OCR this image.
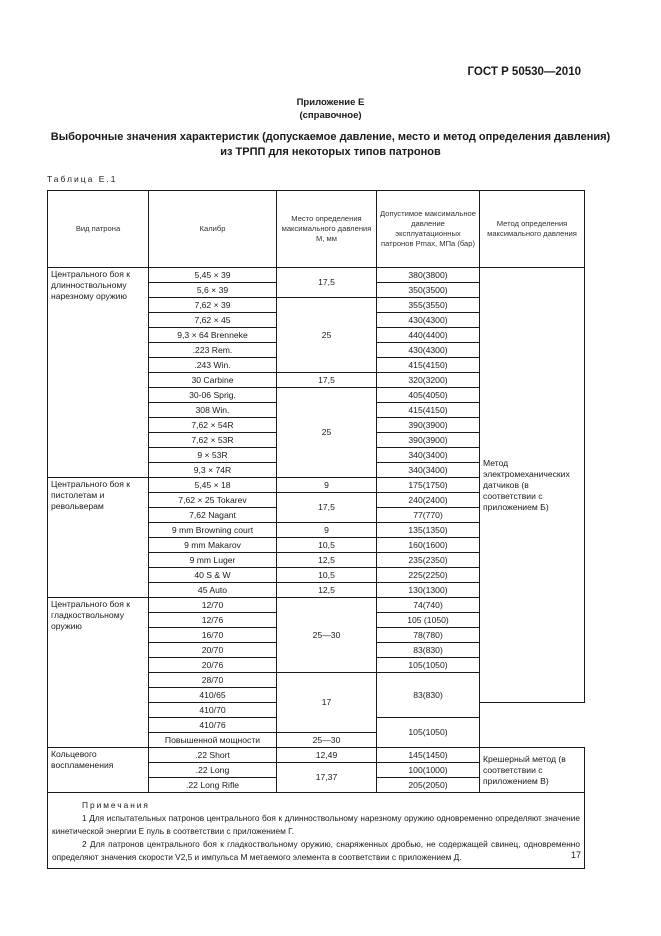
ГОСТ Р 50530—2010
Приложение Е
(справочное)
Выборочные значения характеристик (допускаемое давление, место и метод определения давления) из ТРПП для некоторых типов патронов
Таблица Е.1
Вид патрона	Калибр	Место определения максимального давления M, мм	Допустимое максимальное давление эксплуатационных патронов Pmax, МПа (бар)	Метод определения максимального давления
Центрального боя к длинноствольному нарезному оружию	5,45 × 39	17,5	380(3800)	Метод электромеханических датчиков (в соответствии с приложением Б)
	5,6 × 39		350(3500)	
	7,62 × 39	25	355(3550)	
	7,62 × 45		430(4300)	
	9,3 × 64 Brenneke		440(4400)	
	.223 Rem.		430(4300)	
	.243 Win.		415(4150)	
	30 Carbine	17,5	320(3200)	
	30-06 Sprig.	25	405(4050)	
	308 Win.		415(4150)	
	7,62 × 54R		390(3900)	
	7,62 × 53R		390(3900)	
	9 × 53R		340(3400)	
	9,3 × 74R		340(3400)	
Центрального боя к пистолетам и револьверам	5,45 × 18	9	175(1750)	
	7,62 × 25 Tokarev	17,5	240(2400)	
	7,62 Nagant		77(770)	
	9 mm Browning court	9	135(1350)	
	9 mm Makarov	10,5	160(1600)	
	9 mm Luger	12,5	235(2350)	
	40 S & W	10,5	225(2250)	
	45 Auto	12,5	130(1300)	
Центрального боя к гладкоствольному оружию	12/70	25—30	74(740)	
	12/76		105 (1050)	
	16/70		78(780)	
	20/70		83(830)	
	20/76		105(1050)	
	28/70	17	83(830)	
	410/65			
	410/70			
	410/76		105(1050)	
	Повышенной мощности	25—30		
Кольцевого воспламенения	.22 Short	12,49	145(1450)	Крешерный метод (в соответствии с приложением В)
	.22 Long	17,37	100(1000)	
	.22 Long Rifle		205(2050)	

Примечания

1 Для испытательных патронов центрального боя к длинноствольному нарезному оружию одновременно определяют значение кинетической энергии E пуль в соответствии с приложением Г.

2 Для патронов центрального боя к гладкоствольному оружию, снаряженных дробью, не содержащей свинец, одновременно определяют значения скорости V2,5 и импульса M метаемого элемента в соответствии с приложением Д.					17
